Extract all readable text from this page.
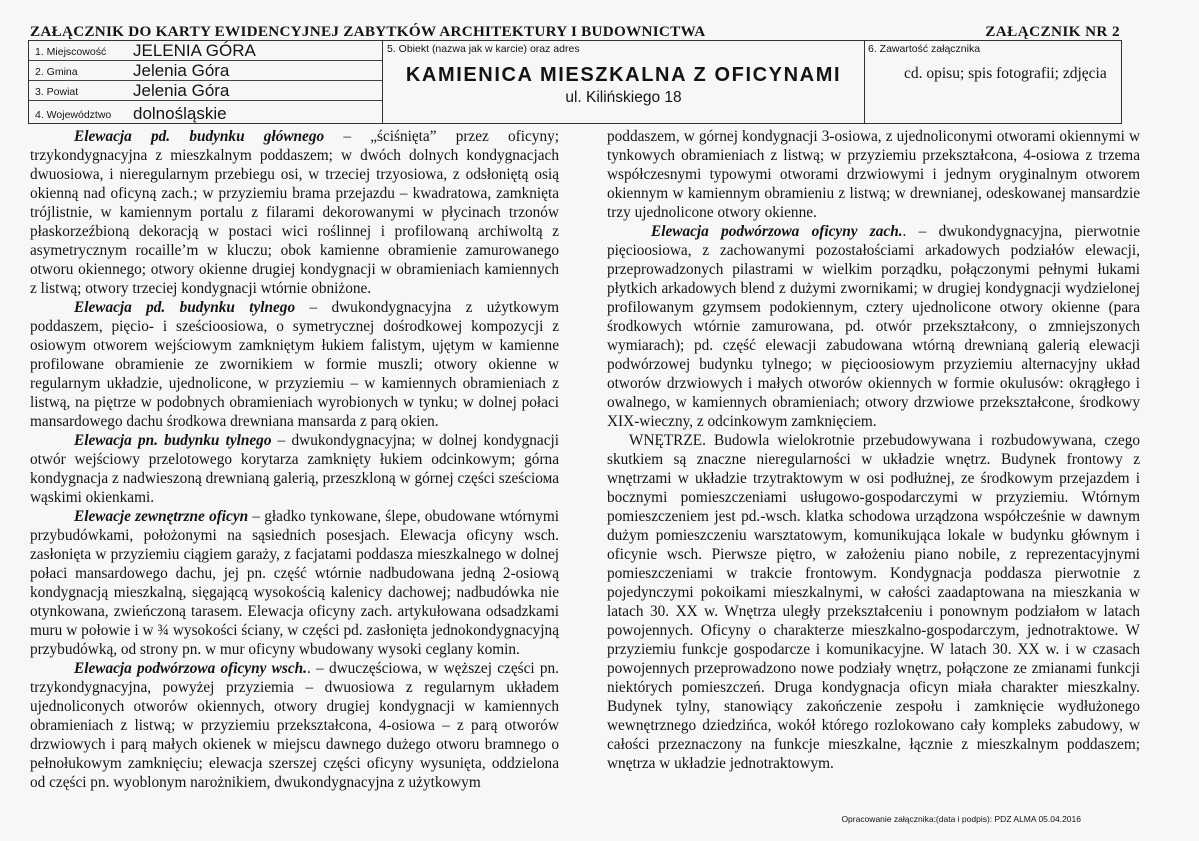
ZAŁĄCZNIK DO KARTY EWIDENCYJNEJ ZABYTKÓW ARCHITEKTURY I BUDOWNICTWA	ZAŁĄCZNIK NR 2
1. Miejscowość JELENIA GÓRA
2. Gmina	Jelenia Góra
3. Powiat	Jelenia Góra
4. Województwo dolnośląskie
5. Obiekt (nazwa jak w karcie) oraz adres
KAMIENICA MIESZKALNA Z OFICYNAMI
ul. Kilińskiego 18
6. Zawartość załącznika
cd. opisu; spis fotografii; zdjęcia

Elewacja pd. budynku głównego – „ściśnięta” przez oficyny; trzykondygnacyjna z mieszkalnym poddaszem; w dwóch dolnych kondygnacjach dwuosiowa, i nieregularnym przebiegu osi, w trzeciej trzyosiowa, z odsłoniętą osią okienną nad oficyną zach.; w przyziemiu brama przejazdu – kwadratowa, zamknięta trójlistnie, w kamiennym portalu z filarami dekorowanymi w płycinach trzonów płaskorzeźbioną dekoracją w postaci wici roślinnej i profilowaną archiwoltą z asymetrycznym rocaille’m w kluczu; obok kamienne obramienie zamurowanego otworu okiennego; otwory okienne drugiej kondygnacji w obramieniach kamiennych z listwą; otwory trzeciej kondygnacji wtórnie obniżone.

Elewacja pd. budynku tylnego – dwukondygnacyjna z użytkowym poddaszem, pięcio- i sześcioosiowa, o symetrycznej dośrodkowej kompozycji z osiowym otworem wejściowym zamkniętym łukiem falistym, ujętym w kamienne profilowane obramienie ze zwornikiem w formie muszli; otwory okienne w regularnym układzie, ujednolicone, w przyziemiu – w kamiennych obramieniach z listwą, na piętrze w podobnych obramieniach wyrobionych w tynku; w dolnej połaci mansardowego dachu środkowa drewniana mansarda z parą okien.

Elewacja pn. budynku tylnego – dwukondygnacyjna; w dolnej kondygnacji otwór wejściowy przelotowego korytarza zamknięty łukiem odcinkowym; górna kondygnacja z nadwieszoną drewnianą galerią, przeszkloną w górnej części sześciома wąskimi okienkami.

Elewacje zewnętrzne oficyn – gładko tynkowane, ślepe, obudowane wtórnymi przybudówkami, położonymi na sąsiednich posesjach. Elewacja oficyny wsch. zasłonięta w przyziemiu ciągiem garaży, z facjatami poddasza mieszkalnego w dolnej połaci mansardowego dachu, jej pn. część wtórnie nadbudowana jedną 2-osiową kondygnacją mieszkalną, sięgającą wysokością kalenicy dachowej; nadbudówka nie otynkowana, zwieńczoną tarasem. Elewacja oficyny zach. artykułowana odsadzkami muru w połowie i w ¾ wysokości ściany, w części pd. zasłonięta jednokondygnacyjną przybudówką, od strony pn. w mur oficyny wbudowany wysoki ceglany komin.

Elewacja podwórzowa oficyny wsch.. – dwuczęściowa, w węższej części pn. trzykondygnacyjna, powyżej przyziemia – dwuosiowa z regularnym układem ujednoliconych otworów okiennych, otwory drugiej kondygnacji w kamiennych obramieniach z listwą; w przyziemiu przekształcona, 4-osiowa – z parą otworów drzwiowych i parą małych okienek w miejscu dawnego dużego otworu bramnego o pełnołukowym zamknięciu; elewacja szerszej części oficyny wysunięta, oddzielona od części pn. wyoblonym narożnikiem, dwukondygnacyjna z użytkowym

poddaszem, w górnej kondygnacji 3-osiowa, z ujednoliconymi otworami okiennymi w tynkowych obramieniach z listwą; w przyziemiu przekształcona, 4-osiowa z trzema współczesnymi typowymi otworami drzwiowymi i jednym oryginalnym otworem okiennym w kamiennym obramieniu z listwą; w drewnianej, odeskowanej mansardzie trzy ujednolicone otwory okienne.

Elewacja podwórzowa oficyny zach.. – dwukondygnacyjna, pierwotnie pięcioosiowa, z zachowanymi pozostałościami arkadowych podziałów elewacji, przeprowadzonych pilastrami w wielkim porządku, połączonymi pełnymi łukami płytkich arkadowych blend z dużymi zwornikami; w drugiej kondygnacji wydzielonej profilowanym gzymsem podokiennym, cztery ujednolicone otwory okienne (para środkowych wtórnie zamurowana, pd. otwór przekształcony, o zmniejszonych wymiarach); pd. część elewacji zabudowana wtórną drewnianą galerią elewacji podwórzowej budynku tylnego; w pięcioosiowym przyziemiu alternacyjny układ otworów drzwiowych i małych otworów okiennych w formie okulusów: okrągłego i owalnego, w kamiennych obramieniach; otwory drzwiowe przekształcone, środkowy XIX-wieczny, z odcinkowym zamknięciem.

WNĘTRZE. Budowla wielokrotnie przebudowywana i rozbudowywana, czego skutkiem są znaczne nieregularności w układzie wnętrz. Budynek frontowy z wnętrzami w układzie trzytraktowym w osi podłużnej, ze środkowym przejazdem i bocznymi pomieszczeniami usługowo-gospodarczymi w przyziemiu. Wtórnym pomieszczeniem jest pd.-wsch. klatka schodowa urządzona współcześnie w dawnym dużym pomieszczeniu warsztatowym, komunikująca lokale w budynku głównym i oficynie wsch. Pierwsze piętro, w założeniu piano nobile, z reprezentacyjnymi pomieszczeniami w trakcie frontowym. Kondygnacja poddasza pierwotnie z pojedynczymi pokoikami mieszkalnymi, w całości zaadaptowana na mieszkania w latach 30. XX w. Wnętrza uległy przekształceniu i ponownym podziałom w latach powojennych. Oficyny o charakterze mieszkalno-gospodarczym, jednotraktowe. W przyziemiu funkcje gospodarcze i komunikacyjne. W latach 30. XX w. i w czasach powojennych przeprowadzono nowe podziały wnętrz, połączone ze zmianami funkcji niektórych pomieszczeń. Druga kondygnacja oficyn miała charakter mieszkalny. Budynek tylny, stanowiący zakończenie zespołu i zamknięcie wydłużonego wewnętrznego dziedzińca, wokół którego rozlokowano cały kompleks zabudowy, w całości przeznaczony na funkcje mieszkalne, łącznie z mieszkalnym poddaszem; wnętrza w układzie jednotraktowym.

Opracowanie załącznika:(data i podpis): PDZ ALMA 05.04.2016
